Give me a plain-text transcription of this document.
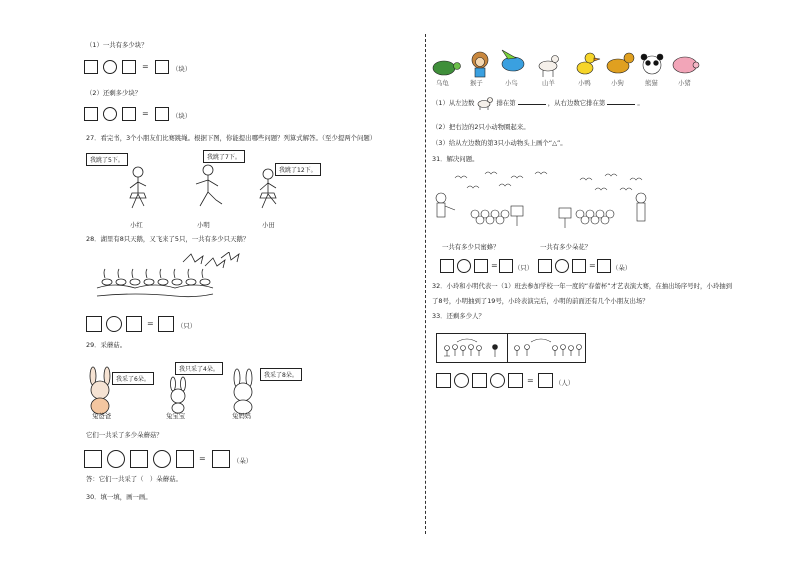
（1）一共有多少块？
=	（块）
（2）还剩多少块？
=	（块）
27．看完书，3个小朋友们比赛跳绳。根据下图，你能提出哪些问题？列算式解答。（至少提两个问题）
我跳了5下。	我跳了7下。
我跳了12下。
小红	小明	小田
28．湖里有8只天鹅，又飞来了5只，一共有多少只天鹅？
=	（只）
29．采蘑菇。
我采了6朵。
我只采了4朵。
我采了8朵。
兔爸爸	兔宝宝	兔妈妈
它们一共采了多少朵蘑菇？
=	（朵）
答：它们一共采了（　）朵蘑菇。
30．填一填，画一画。
乌龟	猴子	小鸟	山羊	小鸭	小狗	熊猫	小猪
（1）从左边数	排在第	，从右边数它排在第	。
（2）把右边的2只小动物圈起来。
（3）给从左边数的第3只小动物头上画个“△”。
31．解决问题。
一共有多少只蜜蜂？	一共有多少朵花？
=	（只）	=	（朵）
32．小玲和小明代表一（1）班去参加学校一年一度的“春蕾杯”才艺表演大赛，在抽出场序号时，小玲抽到
了8号，小明抽到了19号，小玲表演完后，小明的前面还有几个小朋友出场？
33．还剩多少人？
=	（人）
